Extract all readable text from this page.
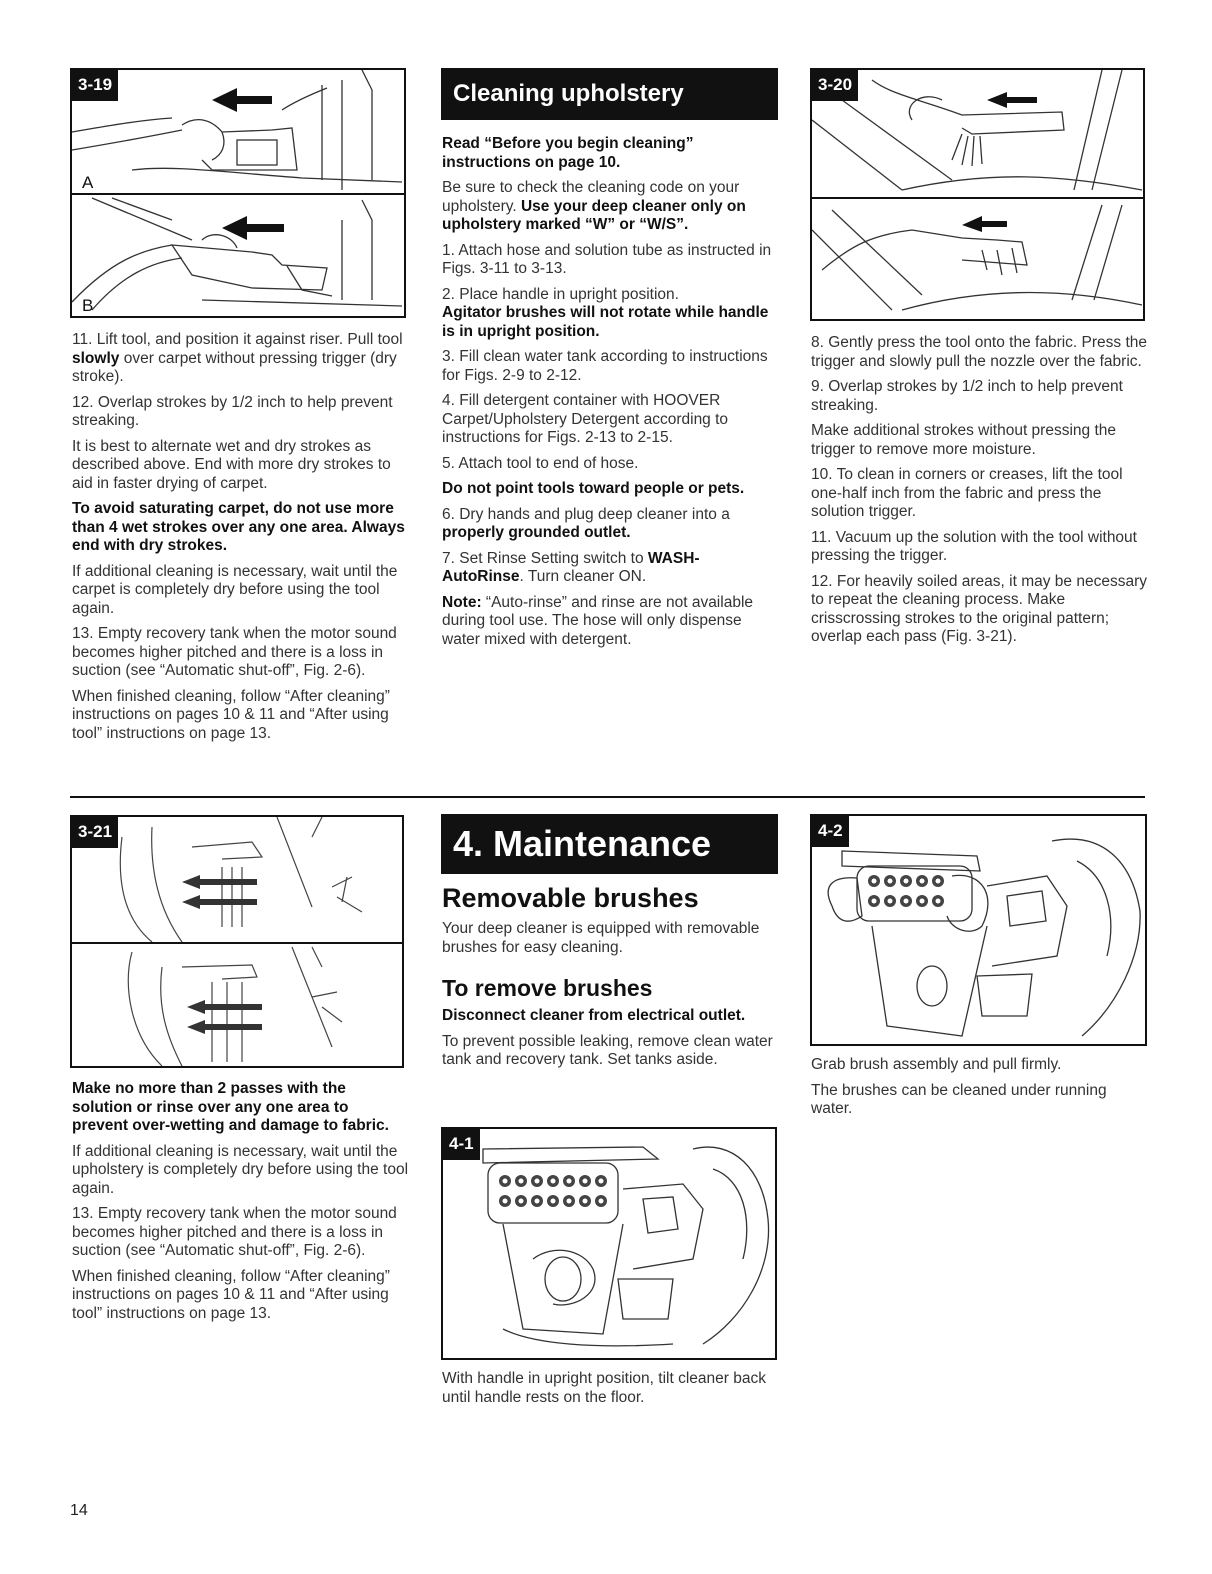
3-19
A
B

11. Lift tool, and position it against riser. Pull tool slowly over carpet without pressing trigger (dry stroke).

12. Overlap strokes by 1/2 inch to help prevent streaking.

It is best to alternate wet and dry strokes as described above. End with more dry strokes to aid in faster drying of carpet.

To avoid saturating carpet, do not use more than 4 wet strokes over any one area. Always end with dry strokes.

If additional cleaning is necessary, wait until the carpet is completely dry before using the tool again.

13. Empty recovery tank when the motor sound becomes higher pitched and there is a loss in suction (see “Automatic shut-off”, Fig. 2-6).

When finished cleaning, follow “After cleaning” instructions on pages 10 & 11 and “After using tool” instructions on page 13.

Cleaning upholstery

Read “Before you begin cleaning” instructions on page 10.

Be sure to check the cleaning code on your upholstery. Use your deep cleaner only on upholstery marked “W” or “W/S”.

1. Attach hose and solution tube as instructed in Figs. 3-11 to 3-13.

2. Place handle in upright position.

Agitator brushes will not rotate while handle is in upright position.

3. Fill clean water tank according to instructions for Figs. 2-9 to 2-12.

4. Fill detergent container with HOOVER Carpet/Upholstery Detergent according to instructions for Figs. 2-13 to 2-15.

5. Attach tool to end of hose.

Do not point tools toward people or pets.

6. Dry hands and plug deep cleaner into a properly grounded outlet.

7. Set Rinse Setting switch to WASH-AutoRinse. Turn cleaner ON.

Note: “Auto-rinse” and rinse are not available during tool use. The hose will only dispense water mixed with detergent.

3-20

8. Gently press the tool onto the fabric. Press the trigger and slowly pull the nozzle over the fabric.

9. Overlap strokes by 1/2 inch to help prevent streaking.

Make additional strokes without pressing the trigger to remove more moisture.

10. To clean in corners or creases, lift the tool one-half inch from the fabric and press the solution trigger.

11. Vacuum up the solution with the tool without pressing the trigger.

12. For heavily soiled areas, it may be necessary to repeat the cleaning process. Make crisscrossing strokes to the original pattern; overlap each pass (Fig. 3-21).

3-21

Make no more than 2 passes with the solution or rinse over any one area to prevent over-wetting and damage to fabric.

If additional cleaning is necessary, wait until the upholstery is completely dry before using the tool again.

13. Empty recovery tank when the motor sound becomes higher pitched and there is a loss in suction (see “Automatic shut-off”, Fig. 2-6).

When finished cleaning, follow “After cleaning” instructions on pages 10 & 11 and “After using tool” instructions on page 13.

4. Maintenance
Removable brushes

Your deep cleaner is equipped with removable brushes for easy cleaning.

To remove brushes

Disconnect cleaner from electrical outlet.

To prevent possible leaking, remove clean water tank and recovery tank. Set tanks aside.

4-1

With handle in upright position, tilt cleaner back until handle rests on the floor.

4-2

Grab brush assembly and pull firmly.

The brushes can be cleaned under running water.

14
